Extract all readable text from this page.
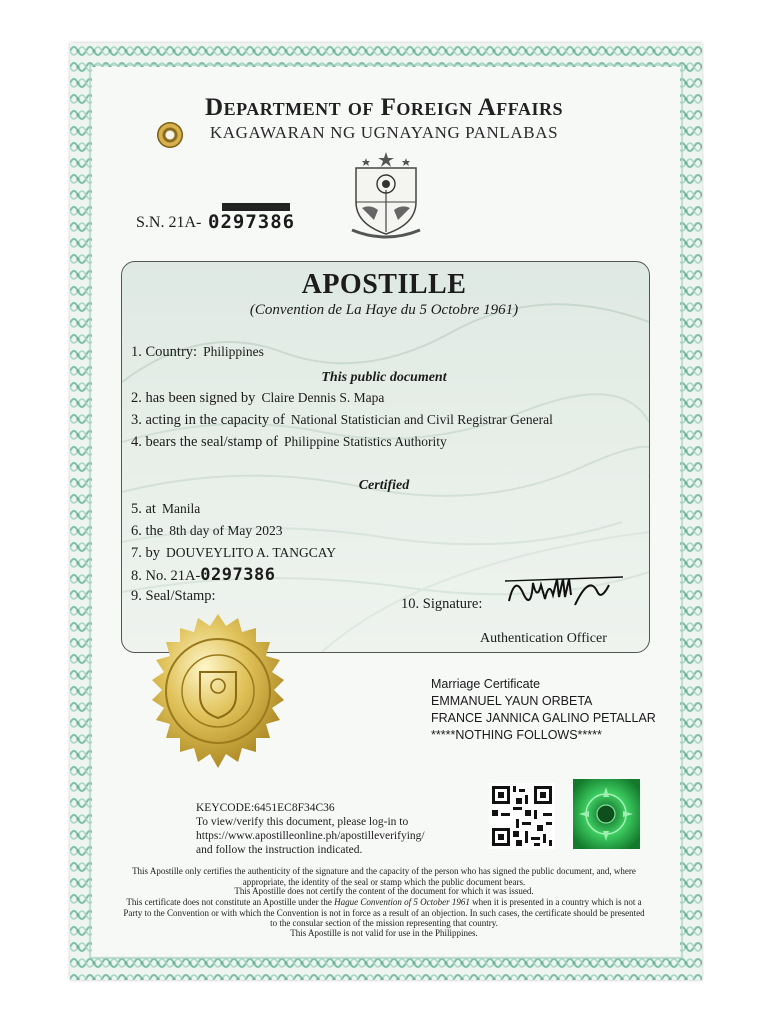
Department of Foreign Affairs
KAGAWARAN NG UGNAYANG PANLABAS
S.N. 21A- 0297386
APOSTILLE
(Convention de La Haye du 5 Octobre 1961)
1. Country: Philippines
This public document
2. has been signed by Claire Dennis S. Mapa
3. acting in the capacity of National Statistician and Civil Registrar General
4. bears the seal/stamp of Philippine Statistics Authority
Certified
5. at Manila
6. the 8th day of May 2023
7. by DOUVEYLITO A. TANGCAY
8. No. 21A-0297386
9. Seal/Stamp:	10. Signature:
Authentication Officer
Marriage Certificate
EMMANUEL YAUN ORBETA
FRANCE JANNICA GALINO PETALLAR
*****NOTHING FOLLOWS*****
KEYCODE:6451EC8F34C36
To view/verify this document, please log-in to
https://www.apostilleonline.ph/apostilleverifying/
and follow the instruction indicated.
This Apostille only certifies the authenticity of the signature and the capacity of the person who has signed the public document, and, where appropriate, the identity of the seal or stamp which the public document bears.
This Apostille does not certify the content of the document for which it was issued.
This certificate does not constitute an Apostille under the Hague Convention of 5 October 1961 when it is presented in a country which is not a Party to the Convention or with which the Convention is not in force as a result of an objection. In such cases, the certificate should be presented to the consular section of the mission representing that country.
This Apostille is not valid for use in the Philippines.
